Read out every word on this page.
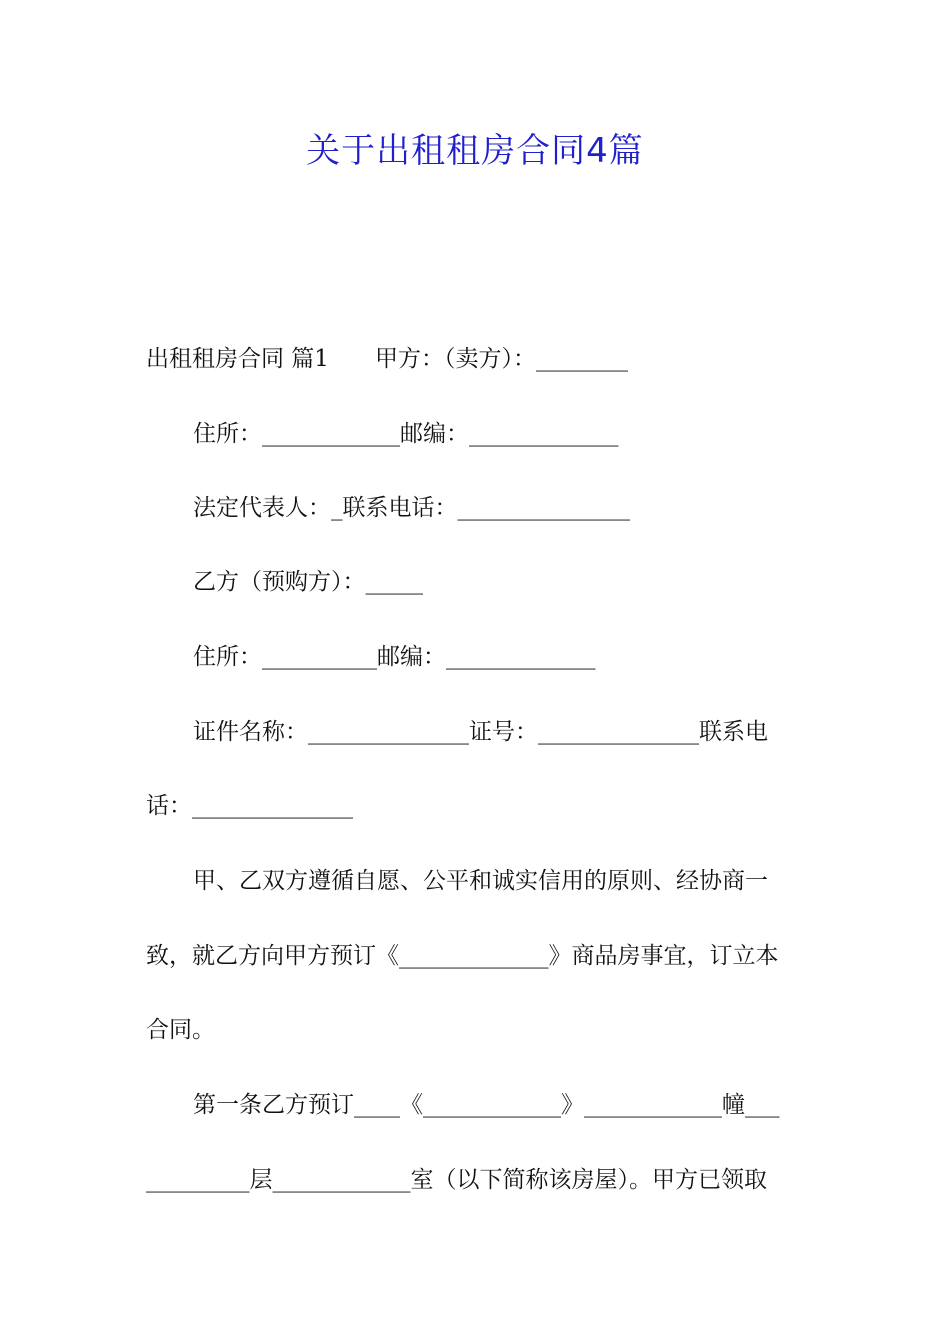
关于出租租房合同4篇
出租租房合同 篇1　　甲方：（卖方）：________
住所：____________邮编：_____________
法定代表人：_联系电话：_______________
乙方（预购方）：_____
住所：__________邮编：_____________
证件名称：______________证号：______________联系电
话：______________
甲、乙双方遵循自愿、公平和诚实信用的原则、经协商一
致，就乙方向甲方预订《_____________》商品房事宜，订立本
合同。
第一条乙方预订____《____________》____________幢___
_________层____________室（以下简称该房屋）。甲方已领取
